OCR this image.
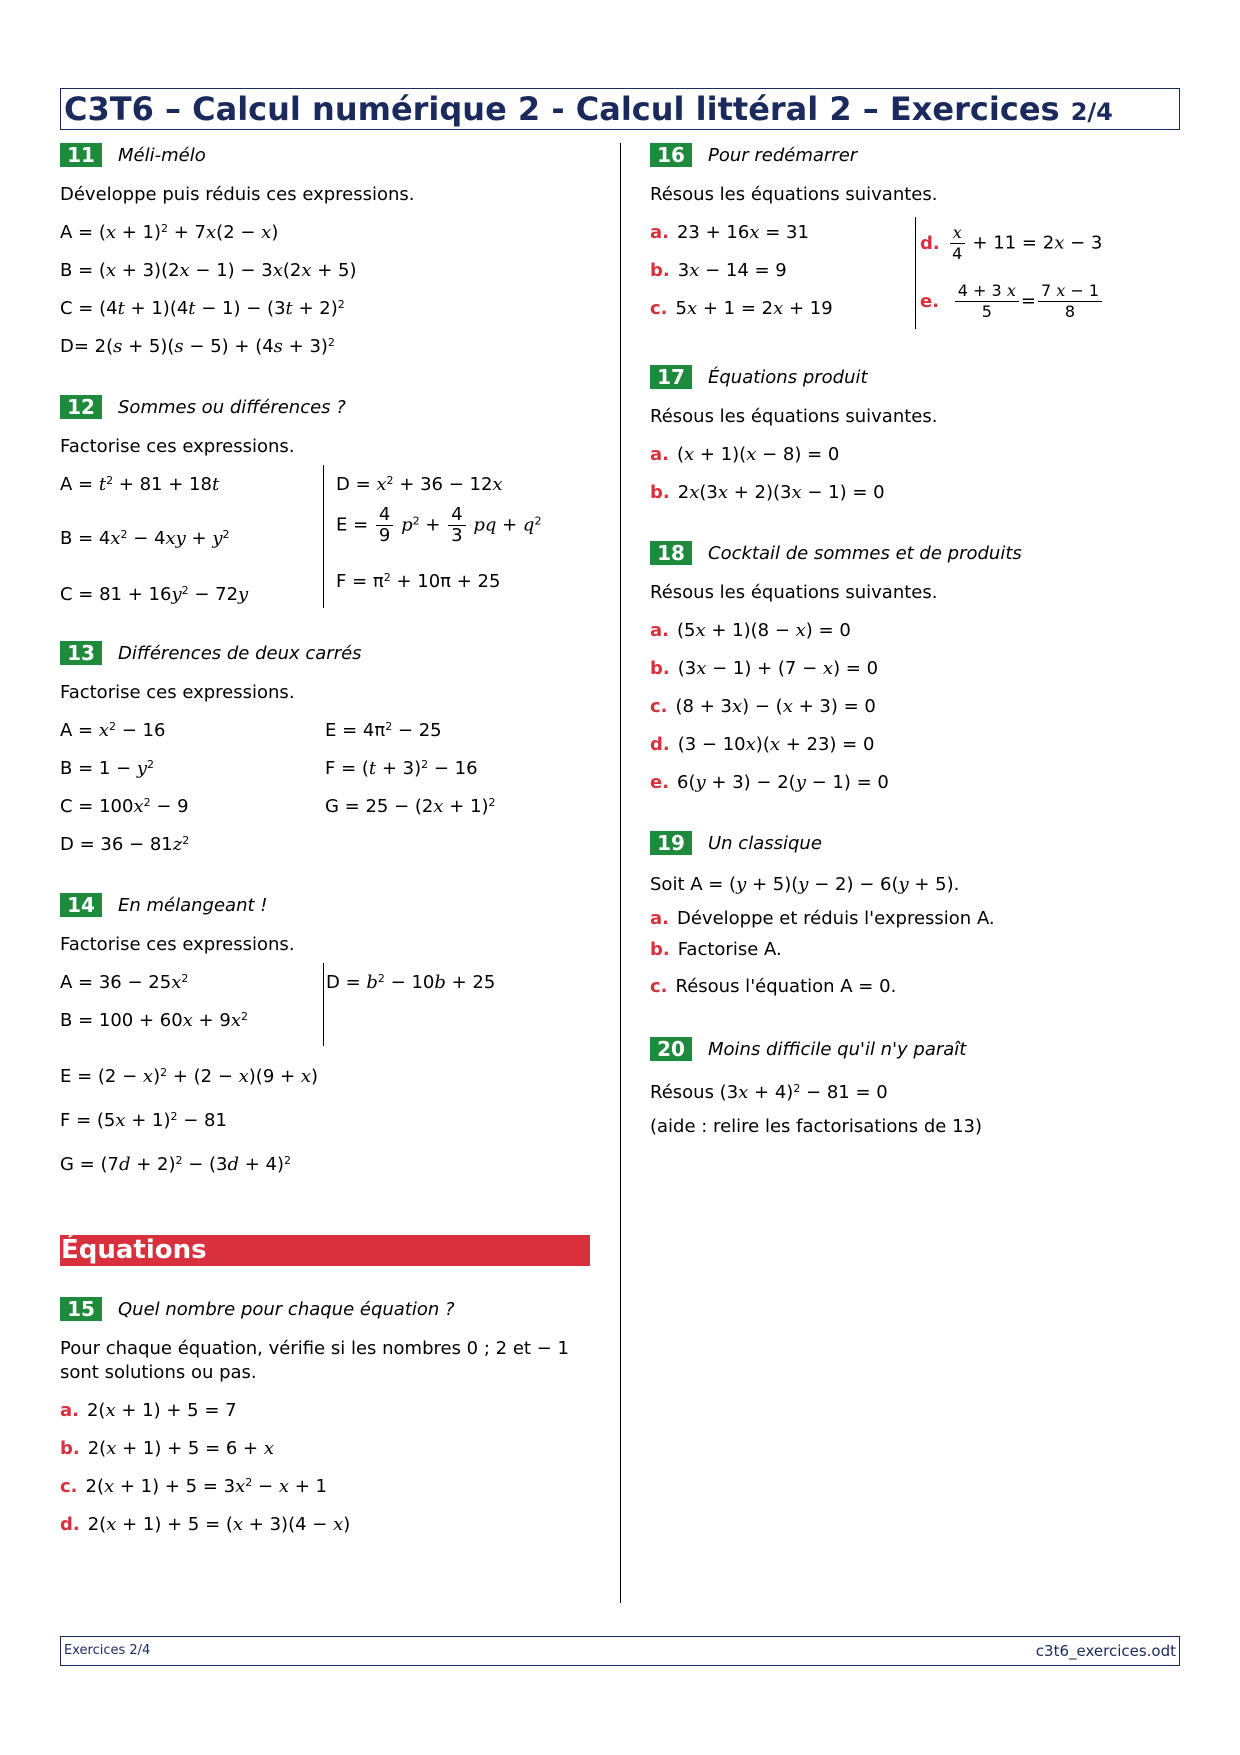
C3T6 – Calcul numérique 2 - Calcul littéral 2 – Exercices 2/4
11	Méli-mélo
Développe puis réduis ces expressions.
$A = (x + 1)^2 + 7x(2 - x)$
B = (x + 3)(2x − 1) − 3x(2x + 5)
$C = (4t + 1)(4t - 1) - (3t + 2)^2$
$D= 2(s + 5)(s - 5) + (4s + 3)^2$
12	Sommes ou différences ?
Factorise ces expressions.
$A = t^2 + 81 + 18t$
$B = 4x^2 - 4xy + y^2$
$C = 81 + 16y^2 - 72y$
$D = x^2 + 36 - 12x$
$E = \frac{4}{9} p^2 + \frac{4}{3}$ pq + $q^2$
$F = \pi^2 + 10\pi + 25$
13	Différences de deux carrés
Factorise ces expressions.
$A = x^2 - 16$
$B = 1 - y^2$
$C = 100x^2 - 9$
$D = 36 - 81z^2$
$E = 4\pi^2 - 25$
$F = (t + 3)^2 - 16$
$G = 25 - (2x + 1)^2$
14	En mélangeant !
Factorise ces expressions.
$A = 36 - 25x^2$
$B = 100 + 60x + 9x^2$
$D = b^2 - 10b + 25$
$E = (2 - x)^2 + (2 - x)(9 + x)$
$F = (5x + 1)^2 - 81$
$G = (7d + 2)^2 - (3d + 4)^2$
Équations
15	Quel nombre pour chaque équation ?
Pour chaque équation, vérifie si les nombres 0 ; 2 et − 1 sont solutions ou pas.
a. 2(x + 1) + 5 = 7
b. 2(x + 1) + 5 = 6 + x
c. $2(x + 1) + 5 = 3x^2 - x + 1$
d. 2(x + 1) + 5 = (x + 3)(4 − x)
16	Pour redémarrer
Résous les équations suivantes.
a. 23 + 16x = 31
b. 3x − 14 = 9
c. 5x + 1 = 2x + 19
d. $\frac{x}{4} + 11 = 2x - 3$
e. $\frac{4 + 3 x}{5} = \frac{7 x - 1}{8}$
17	Équations produit
Résous les équations suivantes.
a. (x + 1)(x − 8) = 0
b. 2x(3x + 2)(3x − 1) = 0
18	Cocktail de sommes et de produits
Résous les équations suivantes.
a. (5x + 1)(8 − x) = 0
b. (3x − 1) + (7 − x) = 0
c. (8 + 3x) − (x + 3) = 0
d. (3 − 10x)(x + 23) = 0
e. 6(y + 3) − 2(y − 1) = 0
19	Un classique
Soit A = (y + 5)(y − 2) − 6(y + 5).
a. Développe et réduis l'expression A.
b. Factorise A.
c. Résous l'équation A = 0.
20	Moins difficile qu'il n'y paraît
Résous $(3x + 4)^2 - 81 = 0$
(aide : relire les factorisations de 13)
Exercices 2/4	c3t6_exercices.odt
